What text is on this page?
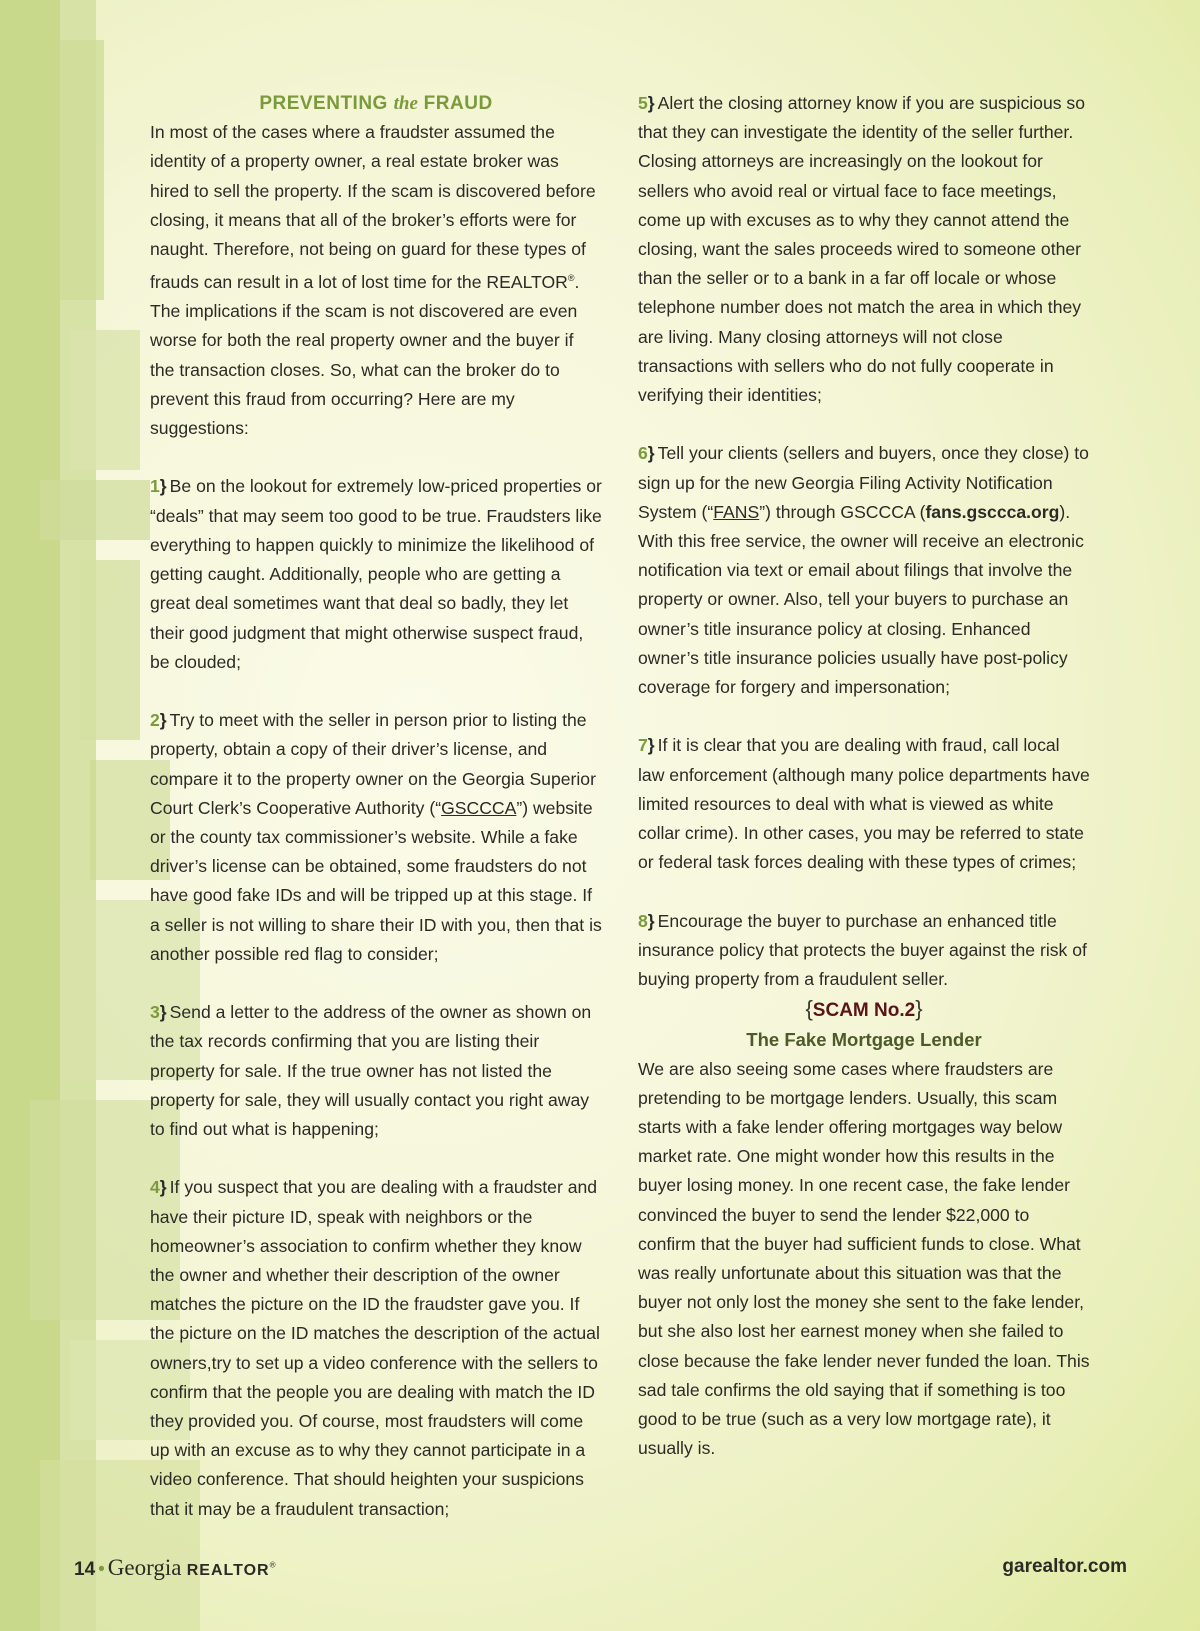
PREVENTING the FRAUD

In most of the cases where a fraudster assumed the identity of a property owner, a real estate broker was hired to sell the property. If the scam is discovered before closing, it means that all of the broker’s efforts were for naught. Therefore, not being on guard for these types of frauds can result in a lot of lost time for the REALTOR®. The implications if the scam is not discovered are even worse for both the real property owner and the buyer if the transaction closes. So, what can the broker do to prevent this fraud from occurring? Here are my suggestions:

1} Be on the lookout for extremely low-priced properties or “deals” that may seem too good to be true. Fraudsters like everything to happen quickly to minimize the likelihood of getting caught. Additionally, people who are getting a great deal sometimes want that deal so badly, they let their good judgment that might otherwise suspect fraud, be clouded;

2} Try to meet with the seller in person prior to listing the property, obtain a copy of their driver’s license, and compare it to the property owner on the Georgia Superior Court Clerk’s Cooperative Authority (“GSCCCA”) website or the county tax commissioner’s website. While a fake driver’s license can be obtained, some fraudsters do not have good fake IDs and will be tripped up at this stage. If a seller is not willing to share their ID with you, then that is another possible red flag to consider;

3} Send a letter to the address of the owner as shown on the tax records confirming that you are listing their property for sale. If the true owner has not listed the property for sale, they will usually contact you right away to find out what is happening;

4} If you suspect that you are dealing with a fraudster and have their picture ID, speak with neighbors or the homeowner’s association to confirm whether they know the owner and whether their description of the owner matches the picture on the ID the fraudster gave you. If the picture on the ID matches the description of the actual owners,try to set up a video conference with the sellers to confirm that the people you are dealing with match the ID they provided you. Of course, most fraudsters will come up with an excuse as to why they cannot participate in a video conference. That should heighten your suspicions that it may be a fraudulent transaction;

5} Alert the closing attorney know if you are suspicious so that they can investigate the identity of the seller further. Closing attorneys are increasingly on the lookout for sellers who avoid real or virtual face to face meetings, come up with excuses as to why they cannot attend the closing, want the sales proceeds wired to someone other than the seller or to a bank in a far off locale or whose telephone number does not match the area in which they are living. Many closing attorneys will not close transactions with sellers who do not fully cooperate in verifying their identities;

6} Tell your clients (sellers and buyers, once they close) to sign up for the new Georgia Filing Activity Notification System (“FANS”) through GSCCCA (fans.gsccca.org). With this free service, the owner will receive an electronic notification via text or email about filings that involve the property or owner. Also, tell your buyers to purchase an owner’s title insurance policy at closing. Enhanced owner’s title insurance policies usually have post-policy coverage for forgery and impersonation;

7} If it is clear that you are dealing with fraud, call local law enforcement (although many police departments have limited resources to deal with what is viewed as white collar crime). In other cases, you may be referred to state or federal task forces dealing with these types of crimes;

8} Encourage the buyer to purchase an enhanced title insurance policy that protects the buyer against the risk of buying property from a fraudulent seller.

{SCAM No.2}

The Fake Mortgage Lender

We are also seeing some cases where fraudsters are pretending to be mortgage lenders. Usually, this scam starts with a fake lender offering mortgages way below market rate. One might wonder how this results in the buyer losing money. In one recent case, the fake lender convinced the buyer to send the lender $22,000 to confirm that the buyer had sufficient funds to close. What was really unfortunate about this situation was that the buyer not only lost the money she sent to the fake lender, but she also lost her earnest money when she failed to close because the fake lender never funded the loan. This sad tale confirms the old saying that if something is too good to be true (such as a very low mortgage rate), it usually is.

14 • Georgia REALTOR®	garealtor.com
